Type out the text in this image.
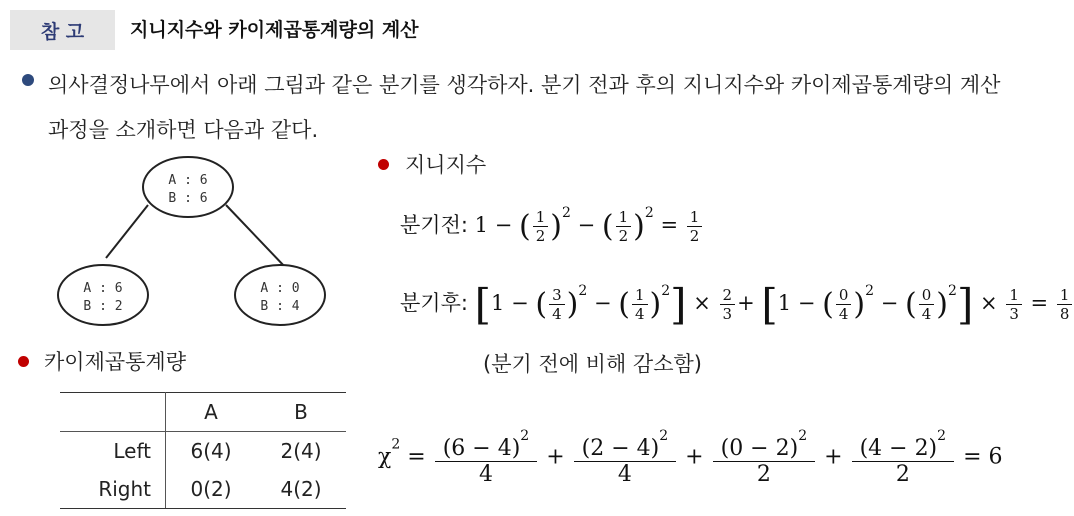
참 고	지니지수와 카이제곱통계량의 계산
의사결정나무에서 아래 그림과 같은 분기를 생각하자. 분기 전과 후의 지니지수와 카이제곱통계량의 계산과정을 소개하면 다음과 같다.
A : 6
B : 6
A : 6
B : 2
A : 0
B : 4
지니지수
분기전: 1 − ( $\frac{1}{2} )^2$ − ( $\frac{1}{2} )^2 = \frac{1}{2}$
분기후: [1 − ( $\frac{3}{4} )^2$ − ( $\frac{1}{4} )^2] \times \frac{2}{3} + [1$ − ( $\frac{0}{4} )^2$ − ( $\frac{0}{4} )^2] \times \frac{1}{3} = \frac{1}{8}$
(분기 전에 비해 감소함)
카이제곱통계량
	A	B
Left	6(4)	2(4)
Right	0(2)	4(2)
$\chi^2 = \frac{(6 - 4)^2}{4} + \frac{(2 - 4)^2}{4} + \frac{(0 - 2)^2}{2} + \frac{(4 - 2)^2}{2} = 6$
